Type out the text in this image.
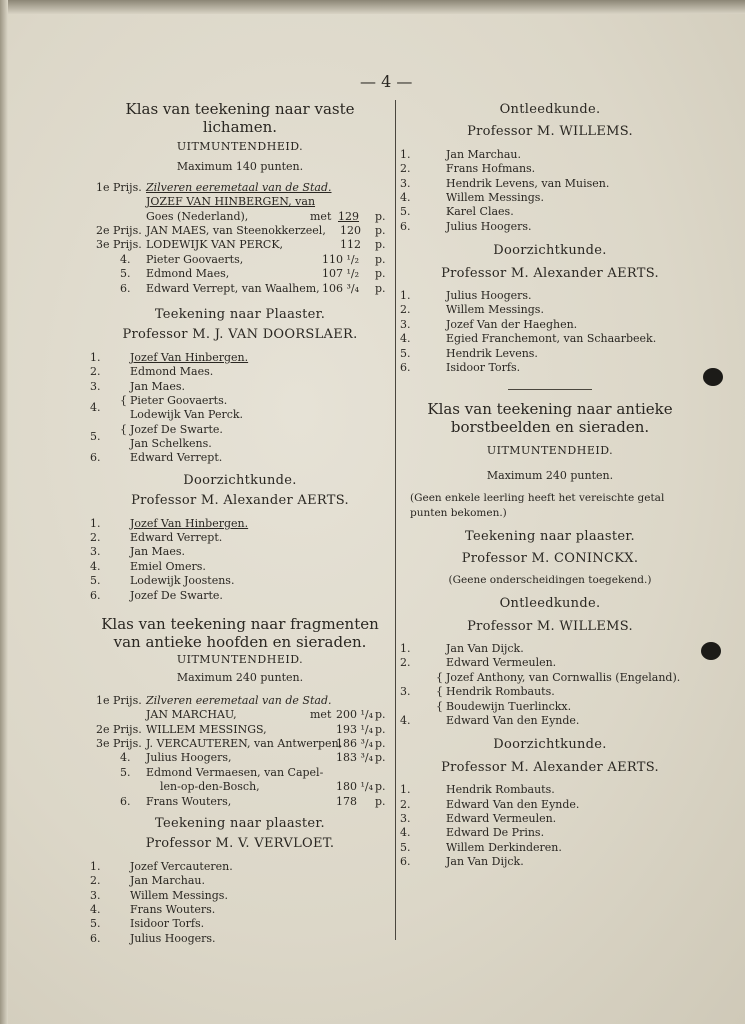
— 4 —
Klas van teekening naar vaste lichamen.
UITMUNTENDHEID.
Maximum 140 punten.
1e Prijs. Zilveren eeremetaal van de Stad.
JOZEF VAN HINBERGEN, van
Goes (Nederland),	met 129 p.
2e Prijs. JAN MAES, van Steenokkerzeel, 120 p.
3e Prijs. LODEWIJK VAN PERCK,	112 p.
4. Pieter Goovaerts,	110 ¹/₂ p.
5. Edmond Maes,	107 ¹/₂ p.
6. Edward Verrept, van Waalhem, 106 ³/₄ p.
Teekening naar Plaaster.
Professor M. J. VAN DOORSLAER.
1.	Jozef Van Hinbergen.
2.	Edmond Maes.
3.	Jan Maes.
4.
{ Pieter Goovaerts.
Lodewijk Van Perck.
5.
{ Jozef De Swarte.
Jan Schelkens.
6.	Edward Verrept.
Doorzichtkunde.
Professor M. Alexander AERTS.
1.	Jozef Van Hinbergen.
2.	Edward Verrept.
3.	Jan Maes.
4.	Emiel Omers.
5.	Lodewijk Joostens.
6.	Jozef De Swarte.
Klas van teekening naar fragmenten
van antieke hoofden en sieraden.
UITMUNTENDHEID.
Maximum 240 punten.
1e Prijs. Zilveren eeremetaal van de Stad.
JAN MARCHAU,	met 200 ¹/₄ p.
2e Prijs. WILLEM MESSINGS,	193 ¹/₄ p.
3e Prijs. J. VERCAUTEREN, van Antwerpen,
186 ³/₄ p.
4. Julius Hoogers,	183 ³/₄ p.
5. Edmond Vermaesen, van Capel-
len-op-den-Bosch,	180 ¹/₄ p.
6. Frans Wouters,	178 p.
Teekening naar plaaster.
Professor M. V. VERVLOET.
1.	Jozef Vercauteren.
2.	Jan Marchau.
3.	Willem Messings.
4.	Frans Wouters.
5.	Isidoor Torfs.
6.	Julius Hoogers.
Ontleedkunde.
Professor M. WILLEMS.
1.	Jan Marchau.
2.	Frans Hofmans.
3.	Hendrik Levens, van Muisen.
4.	Willem Messings.
5.	Karel Claes.
6.	Julius Hoogers.
Doorzichtkunde.
Professor M. Alexander AERTS.
1.	Julius Hoogers.
2.	Willem Messings.
3.	Jozef Van der Haeghen.
4.	Egied Franchemont, van Schaarbeek.
5.	Hendrik Levens.
6.	Isidoor Torfs.
Klas van teekening naar antieke
borstbeelden en sieraden.
UITMUNTENDHEID.
Maximum 240 punten.
(Geen enkele leerling heeft het vereischte getal
punten bekomen.)
Teekening naar plaaster.
Professor M. CONINCKX.
(Geene onderscheidingen toegekend.)
Ontleedkunde.
Professor M. WILLEMS.
1.	Jan Van Dijck.
2.	Edward Vermeulen.
{ Jozef Anthony, van Cornwallis (Engeland).
3. { Hendrik Rombauts.
{ Boudewijn Tuerlinckx.
4.	Edward Van den Eynde.
Doorzichtkunde.
Professor M. Alexander AERTS.
1.	Hendrik Rombauts.
2.	Edward Van den Eynde.
3.	Edward Vermeulen.
4.	Edward De Prins.
5.	Willem Derkinderen.
6.	Jan Van Dijck.
